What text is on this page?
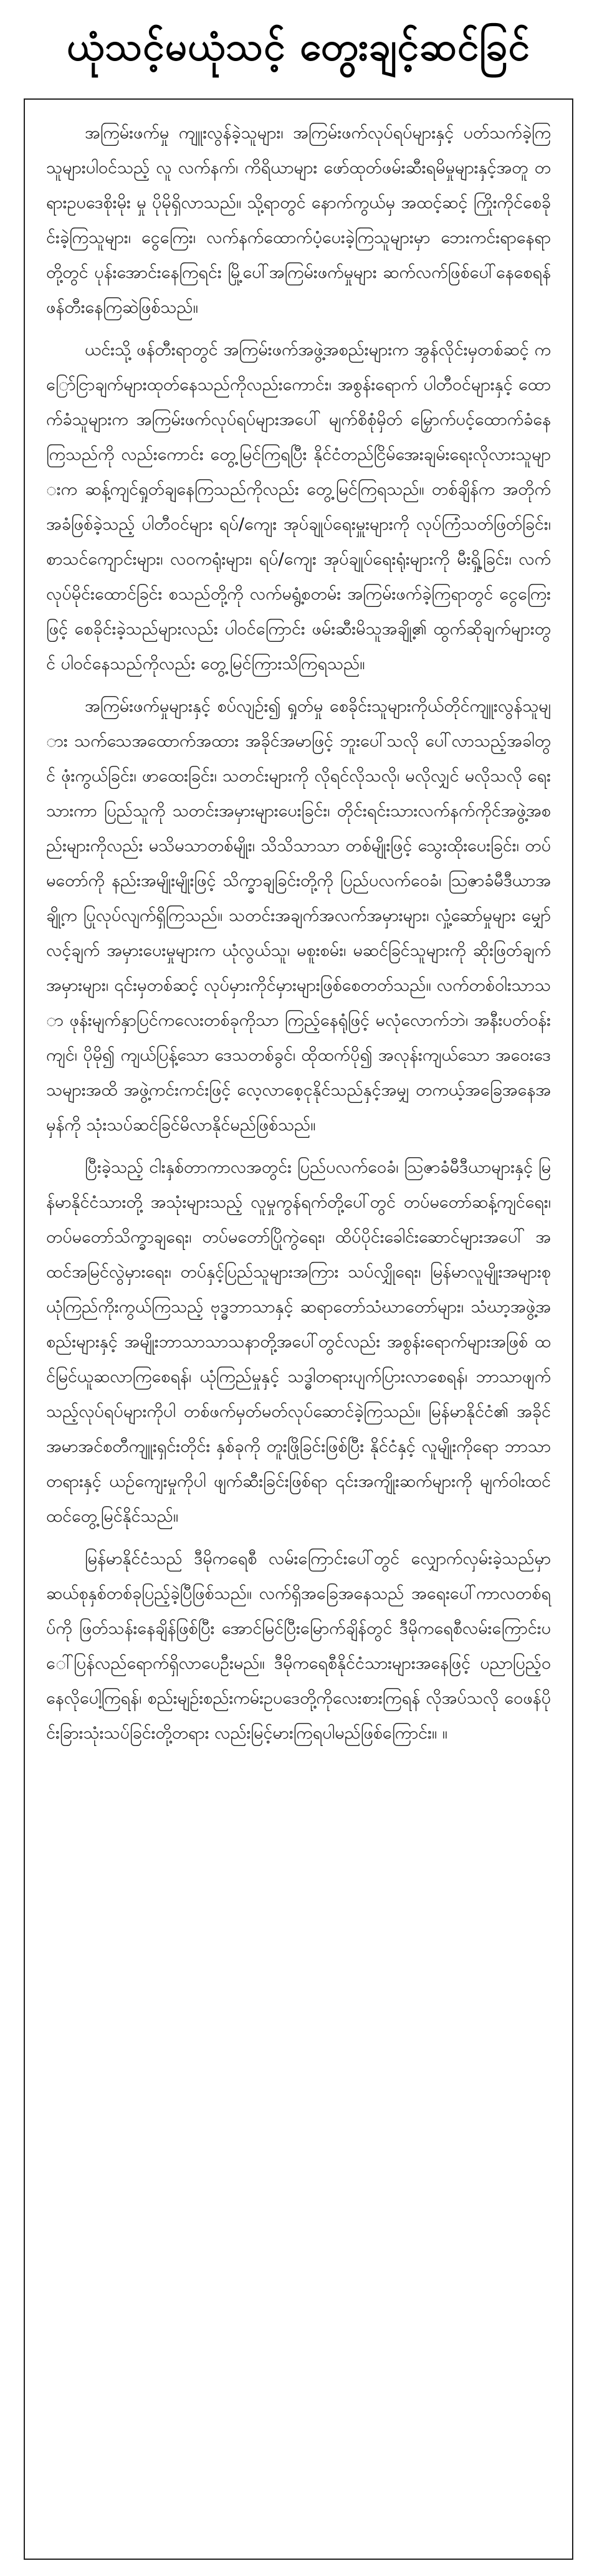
ယုံသင့်မယုံသင့် တွေးချင့်ဆင်ခြင်

အကြမ်းဖက်မှု ကျူးလွန်ခဲ့သူများ၊ အကြမ်းဖက်လုပ်ရပ်များနှင့် ပတ်သက်ခဲ့ကြသူများပါဝင်သည့် လူ လက်နက်၊ ကိရိယာများ ဖော်ထုတ်ဖမ်းဆီးရမိမှုများနှင့်အတူ တရားဥပဒေစိုးမိုး မှု ပိုမိုရှိလာသည်။ သို့ရာတွင် နောက်ကွယ်မှ အထင့်ဆင့် ကြိုးကိုင်စေခိုင်းခဲ့ကြသူများ၊ ငွေကြေး၊ လက်နက်ထောက်ပံ့ပေးခဲ့ကြသူများမှာ ဘေးကင်းရာနေရာတို့တွင် ပုန်းအောင်းနေကြရင်း မြို့ပေါ်အကြမ်းဖက်မှုများ ဆက်လက်ဖြစ်ပေါ်နေစေရန် ဖန်တီးနေကြဆဲဖြစ်သည်။

ယင်းသို့ ဖန်တီးရာတွင် အကြမ်းဖက်အဖွဲ့အစည်းများက အွန်လိုင်းမှတစ်ဆင့် ကြော်ငြာချက်များထုတ်နေသည်ကိုလည်းကောင်း၊ အစွန်းရောက် ပါတီဝင်များနှင့် ထောက်ခံသူများက အကြမ်းဖက်လုပ်ရပ်များအပေါ် မျက်စိစုံမှိတ် မြှောက်ပင့်ထောက်ခံနေကြသည်ကို လည်းကောင်း တွေ့မြင်ကြရပြီး နိုင်ငံတည်ငြိမ်အေးချမ်းရေးလိုလားသူများက ဆန့်ကျင်ရှုတ်ချနေကြသည်ကိုလည်း တွေ့မြင်ကြရသည်။ တစ်ချိန်က အတိုက်အခံဖြစ်ခဲ့သည့် ပါတီဝင်များ ရပ်/ကျေး အုပ်ချုပ်ရေးမှူးများကို လုပ်ကြံသတ်ဖြတ်ခြင်း၊ စာသင်ကျောင်းများ၊ လဝကရုံးများ၊ ရပ်/ကျေး အုပ်ချုပ်ရေးရုံးများကို မီးရှို့ခြင်း၊ လက်လုပ်မိုင်းထောင်ခြင်း စသည်တို့ကို လက်မရွံ့စတမ်း အကြမ်းဖက်ခဲ့ကြရာတွင် ငွေကြေးဖြင့် စေခိုင်းခဲ့သည်များလည်း ပါဝင်ကြောင်း ဖမ်းဆီးမိသူအချို့၏ ထွက်ဆိုချက်များတွင် ပါဝင်နေသည်ကိုလည်း တွေ့မြင်ကြားသိကြရသည်။

အကြမ်းဖက်မှုများနှင့် စပ်လျဉ်း၍ ရှုတ်မှု စေခိုင်းသူများကိုယ်တိုင်ကျူးလွန်သူများ သက်သေအထောက်အထား အခိုင်အမာဖြင့် ဘူးပေါ်သလို ပေါ်လာသည့်အခါတွင် ဖုံးကွယ်ခြင်း၊ ဖာထေးခြင်း၊ သတင်းများကို လိုရင်လိုသလို၊ မလိုလျှင် မလိုသလို ရေးသားကာ ပြည်သူကို သတင်းအမှားများပေးခြင်း၊ တိုင်းရင်းသားလက်နက်ကိုင်အဖွဲ့အစည်းများကိုလည်း မသိမသာတစ်မျိုး၊ သိသိသာသာ တစ်မျိုးဖြင့် သွေးထိုးပေးခြင်း၊ တပ်မတော်ကို နည်းအမျိုးမျိုးဖြင့် သိက္ခာချခြင်းတို့ကို ပြည်ပလက်ဝေခံ၊ သြဇာခံမီဒီယာအချို့က ပြုလုပ်လျက်ရှိကြသည်။ သတင်းအချက်အလက်အမှားများ၊ လှုံ့ဆော်မှုများ မျှော်လင့်ချက် အမှားပေးမှုများက ယုံလွယ်သူ၊ မစူးစမ်း၊ မဆင်ခြင်သူများကို ဆိုးဖြတ်ချက်အမှားများ၊ ၎င်းမှတစ်ဆင့် လုပ်မှားကိုင်မှားများဖြစ်စေတတ်သည်။ လက်တစ်ဝါးသာသာ ဖုန်းမျက်နှာပြင်ကလေးတစ်ခုကိုသာ ကြည့်နေရုံဖြင့် မလုံလောက်ဘဲ၊ အနီးပတ်ဝန်းကျင်၊ ပိုမို၍ ကျယ်ပြန့်သော ဒေသတစ်ခွင်၊ ထိုထက်ပို၍ အလုန်းကျယ်သော အဝေးဒေသများအထိ အဖွဲ့ကင်းကင်းဖြင့် လေ့လာစေ့ငုနိုင်သည်နှင့်အမျှ တကယ့်အခြေအနေအမှန်ကို သုံးသပ်ဆင်ခြင်မိလာနိုင်မည်ဖြစ်သည်။

ပြီးခဲ့သည့် ငါးနှစ်တာကာလအတွင်း ပြည်ပလက်ဝေခံ၊ သြဇာခံမီဒီယာများနှင့် မြန်မာနိုင်ငံသားတို့ အသုံးများသည့် လူမှုကွန်ရက်တို့ပေါ်တွင် တပ်မတော်ဆန့်ကျင်ရေး၊ တပ်မတော်သိက္ခာချရေး၊ တပ်မတော်ပြိုကွဲရေး၊ ထိပ်ပိုင်းခေါင်းဆောင်များအပေါ် အထင်အမြင်လွဲမှားရေး၊ တပ်နှင့်ပြည်သူများအကြား သပ်လျှိုရေး၊ မြန်မာလူမျိုးအများစု ယုံကြည်ကိုးကွယ်ကြသည့် ဗုဒ္ဓဘာသာနှင့် ဆရာတော်သံဃာတော်များ၊ သံဃာ့အဖွဲ့အစည်းများနှင့် အမျိုးဘာသာသာသနာတို့အပေါ်တွင်လည်း အစွန်းရောက်များအဖြစ် ထင်မြင်ယူဆလာကြစေရန်၊ ယုံကြည်မှုနှင့် သဒ္ဓါတရားပျက်ပြားလာစေရန်၊ ဘာသာဖျက်သည့်လုပ်ရပ်များကိုပါ တစ်ဖက်မှတ်မတ်လုပ်ဆောင်ခဲ့ကြသည်။ မြန်မာနိုင်ငံ၏ အခိုင်အမာအင်စတီကျူးရှင်းတိုင်း နှစ်ခုကို တူးဖြိုခြင်းဖြစ်ပြီး နိုင်ငံနှင့် လူမျိုးကိုရော ဘာသာတရားနှင့် ယဉ်ကျေးမှုကိုပါ ဖျက်ဆီးခြင်းဖြစ်ရာ ၎င်းအကျိုးဆက်များကို မျက်ဝါးထင်ထင်တွေ့မြင်နိုင်သည်။

မြန်မာနိုင်ငံသည် ဒီမိုကရေစီ လမ်းကြောင်းပေါ်တွင် လျှောက်လှမ်းခဲ့သည်မှာ ဆယ်စုနှစ်တစ်ခုပြည့်ခဲ့ပြီဖြစ်သည်။ လက်ရှိအခြေအနေသည် အရေးပေါ်ကာလတစ်ရပ်ကို ဖြတ်သန်းနေချိန်ဖြစ်ပြီး အောင်မြင်ပြီးမြောက်ချိန်တွင် ဒီမိုကရေစီလမ်းကြောင်းပေါ်ပြန်လည်ရောက်ရှိလာပေဦးမည်။ ဒီမိုကရေစီနိုင်ငံသားများအနေဖြင့် ပညာပြည့်ဝနေလိုပေါ့ကြရန်၊ စည်းမျဉ်းစည်းကမ်းဥပဒေတို့ကိုလေးစားကြရန် လိုအပ်သလို ဝေဖန်ပိုင်းခြားသုံးသပ်ခြင်းတို့တရား လည်းမြင့်မားကြရပါမည်ဖြစ်ကြောင်း။ ။
